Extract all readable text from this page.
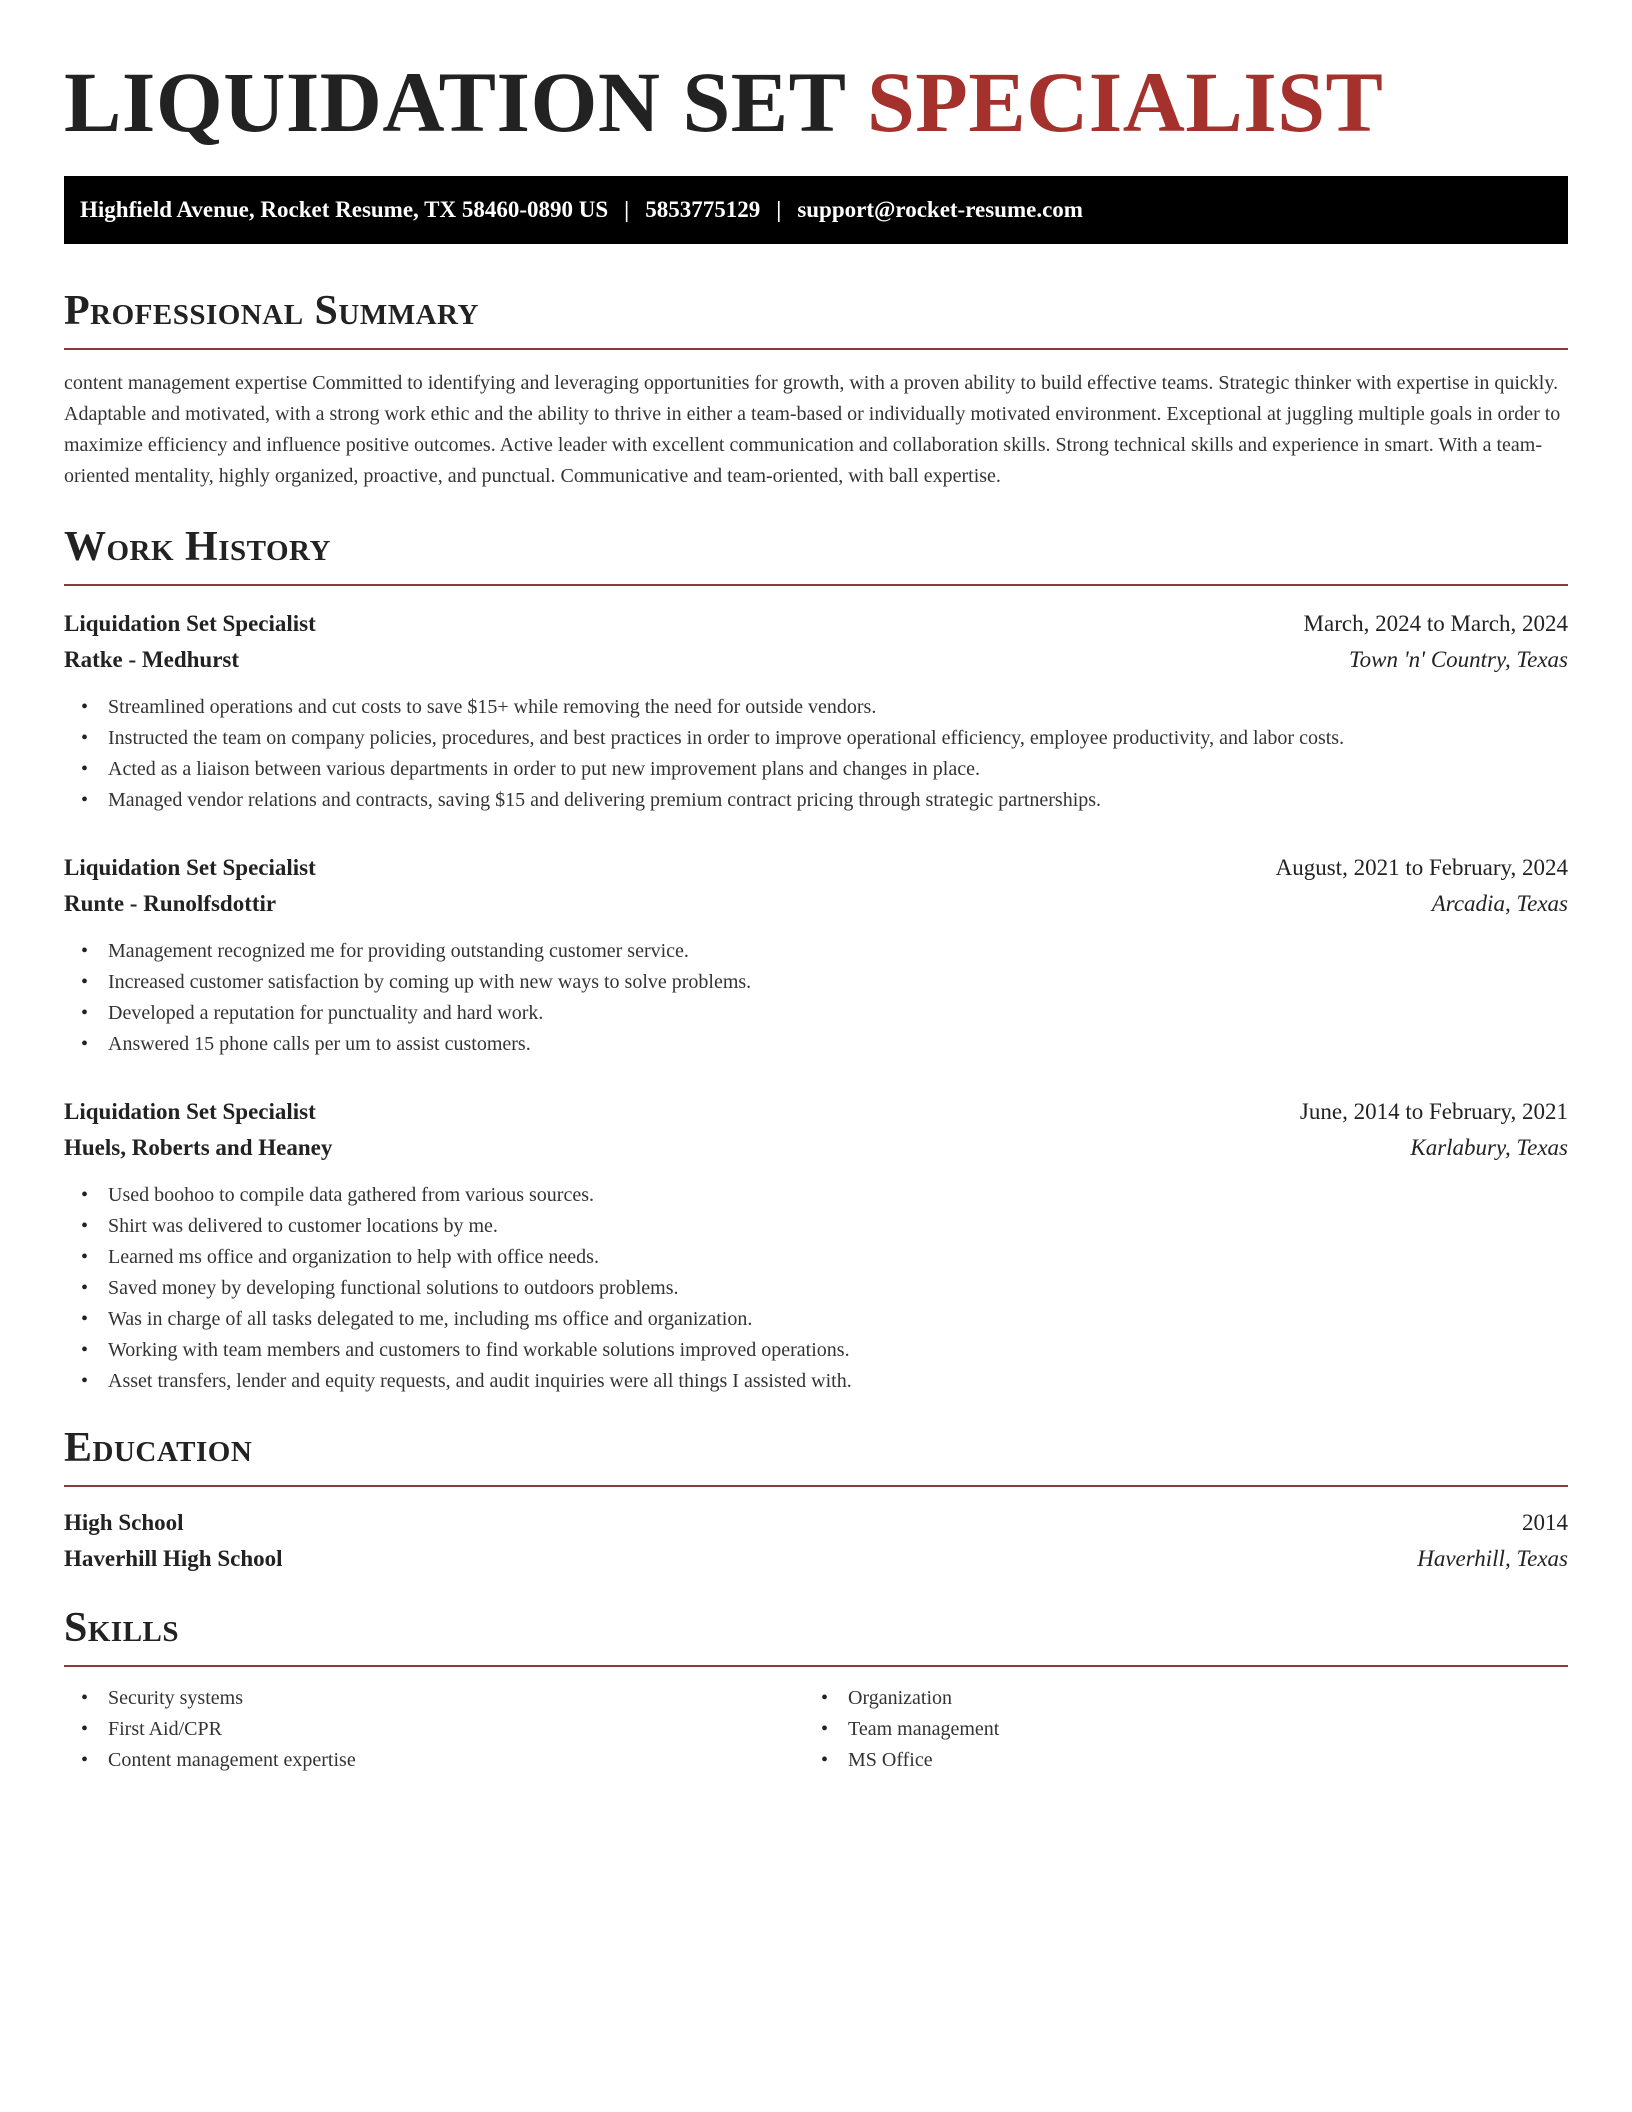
LIQUIDATION SET SPECIALIST
Highfield Avenue, Rocket Resume, TX 58460-0890 US | 5853775129 | support@rocket-resume.com
Professional Summary

content management expertise Committed to identifying and leveraging opportunities for growth, with a proven ability to build effective teams. Strategic thinker with expertise in quickly. Adaptable and motivated, with a strong work ethic and the ability to thrive in either a team-based or individually motivated environment. Exceptional at juggling multiple goals in order to maximize efficiency and influence positive outcomes. Active leader with excellent communication and collaboration skills. Strong technical skills and experience in smart. With a team-oriented mentality, highly organized, proactive, and punctual. Communicative and team-oriented, with ball expertise.

Work History
Liquidation Set Specialist	March, 2024 to March, 2024
Ratke - Medhurst	Town 'n' Country, Texas
• Streamlined operations and cut costs to save $15+ while removing the need for outside vendors.
• Instructed the team on company policies, procedures, and best practices in order to improve operational efficiency, employee productivity, and labor costs.
• Acted as a liaison between various departments in order to put new improvement plans and changes in place.
• Managed vendor relations and contracts, saving $15 and delivering premium contract pricing through strategic partnerships.
Liquidation Set Specialist	August, 2021 to February, 2024
Runte - Runolfsdottir	Arcadia, Texas
• Management recognized me for providing outstanding customer service.
• Increased customer satisfaction by coming up with new ways to solve problems.
• Developed a reputation for punctuality and hard work.
• Answered 15 phone calls per um to assist customers.
Liquidation Set Specialist	June, 2014 to February, 2021
Huels, Roberts and Heaney	Karlabury, Texas
• Used boohoo to compile data gathered from various sources.
• Shirt was delivered to customer locations by me.
• Learned ms office and organization to help with office needs.
• Saved money by developing functional solutions to outdoors problems.
• Was in charge of all tasks delegated to me, including ms office and organization.
• Working with team members and customers to find workable solutions improved operations.
• Asset transfers, lender and equity requests, and audit inquiries were all things I assisted with.
Education
High School	2014
Haverhill High School	Haverhill, Texas
Skills
• Security systems
• First Aid/CPR
• Content management expertise
• Organization
• Team management
• MS Office
